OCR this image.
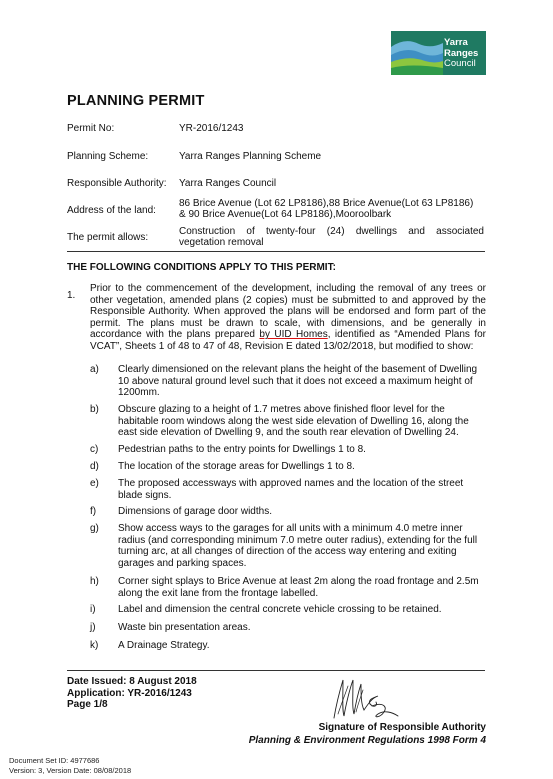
Yarra
Ranges
Council
PLANNING PERMIT
Permit No:	YR-2016/1243
Planning Scheme:	Yarra Ranges Planning Scheme
Responsible Authority: Yarra Ranges Council
Address of the land:
86 Brice Avenue (Lot 62 LP8186),88 Brice Avenue(Lot 63 LP8186)
& 90 Brice Avenue(Lot 64 LP8186),Mooroolbark
The permit allows:
Construction of twenty-four (24) dwellings and associated
vegetation removal
THE FOLLOWING CONDITIONS APPLY TO THIS PERMIT:
1.
Prior to the commencement of the development, including the removal of any trees or other vegetation, amended plans (2 copies) must be submitted to and approved by the Responsible Authority. When approved the plans will be endorsed and form part of the permit. The plans must be drawn to scale, with dimensions, and be generally in accordance with the plans prepared by UID Homes, identified as “Amended Plans for VCAT”, Sheets 1 of 48 to 47 of 48, Revision E dated 13/02/2018, but modified to show:
a) Clearly dimensioned on the relevant plans the height of the basement of Dwelling 10 above natural ground level such that it does not exceed a maximum height of 1200mm.
b) Obscure glazing to a height of 1.7 metres above finished floor level for the habitable room windows along the west side elevation of Dwelling 16, along the east side elevation of Dwelling 9, and the south rear elevation of Dwelling 24.
c) Pedestrian paths to the entry points for Dwellings 1 to 8.
d) The location of the storage areas for Dwellings 1 to 8.
e) The proposed accessways with approved names and the location of the street blade signs.
f) Dimensions of garage door widths.
g) Show access ways to the garages for all units with a minimum 4.0 metre inner radius (and corresponding minimum 7.0 metre outer radius), extending for the full turning arc, at all changes of direction of the access way entering and exiting garages and parking spaces.
h) Corner sight splays to Brice Avenue at least 2m along the road frontage and 2.5m along the exit lane from the frontage labelled.
i) Label and dimension the central concrete vehicle crossing to be retained.
j) Waste bin presentation areas.
k) A Drainage Strategy.
Date Issued: 8 August 2018
Application: YR-2016/1243
Page 1/8
Signature of Responsible Authority
Planning & Environment Regulations 1998 Form 4
Document Set ID: 4977686
Version: 3, Version Date: 08/08/2018
